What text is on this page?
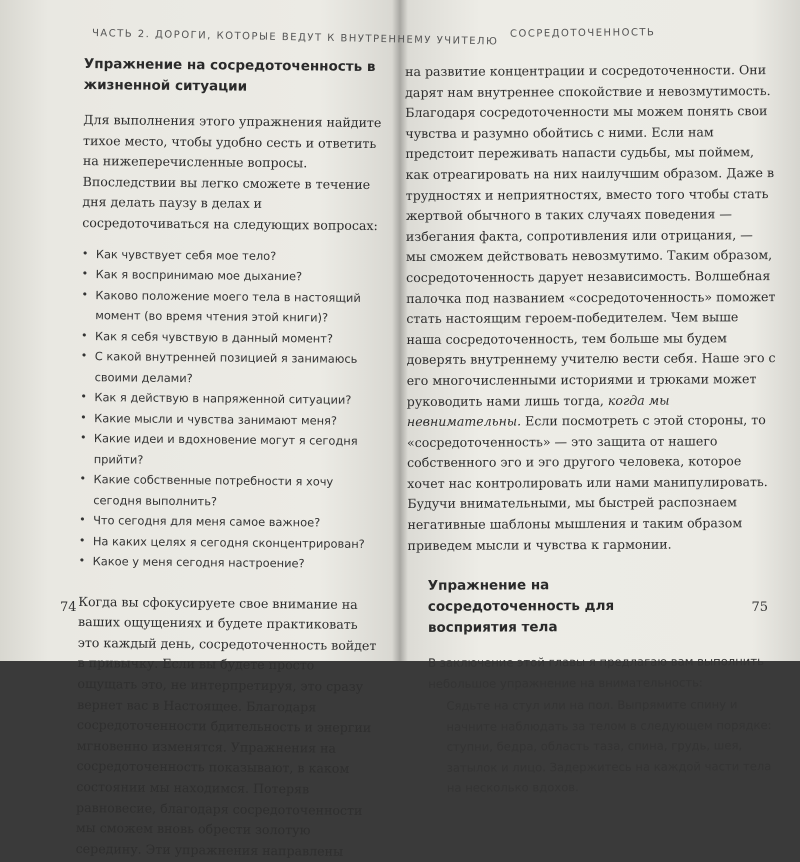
ЧАСТЬ 2. ДОРОГИ, КОТОРЫЕ ВЕДУТ К ВНУТРЕННЕМУ УЧИТЕЛЮ
Упражнение на сосредоточенность в жизненной ситуации

Для выполнения этого упражнения найдите тихое место, чтобы удобно сесть и ответить на нижеперечисленные вопросы. Впоследствии вы легко сможете в течение дня делать паузу в делах и сосредоточиваться на следующих вопросах:

• Как чувствует себя мое тело?
• Как я воспринимаю мое дыхание?
• Каково положение моего тела в настоящий момент (во время чтения этой книги)?
• Как я себя чувствую в данный момент?
• С какой внутренней позицией я занимаюсь своими делами?
• Как я действую в напряженной ситуации?
• Какие мысли и чувства занимают меня?
• Какие идеи и вдохновение могут я сегодня прийти?
• Какие собственные потребности я хочу сегодня выполнить?
• Что сегодня для меня самое важное?
• На каких целях я сегодня сконцентрирован?
• Какое у меня сегодня настроение?

Когда вы сфокусируете свое внимание на ваших ощущениях и будете практиковать это каждый день, сосредоточенность войдет в привычку. Если вы будете просто ощущать это, не интерпретируя, это сразу вернет вас в Настоящее. Благодаря сосредоточенности бдительность и энергии мгновенно изменятся. Упражнения на сосредоточенность показывают, в каком состоянии мы находимся. Потеряв равновесие, благодаря сосредоточенности мы сможем вновь обрести золотую середину. Эти упражнения направлены

74
СОСРЕДОТОЧЕННОСТЬ

на развитие концентрации и сосредоточенности. Они дарят нам внутреннее спокойствие и невозмутимость. Благодаря сосредоточенности мы можем понять свои чувства и разумно обойтись с ними. Если нам предстоит переживать напасти судьбы, мы поймем, как отреагировать на них наилучшим образом. Даже в трудностях и неприятностях, вместо того чтобы стать жертвой обычного в таких случаях поведения — избегания факта, сопротивления или отрицания, — мы сможем действовать невозмутимо. Таким образом, сосредоточенность дарует независимость. Волшебная палочка под названием «сосредоточенность» поможет стать настоящим героем-победителем. Чем выше наша сосредоточенность, тем больше мы будем доверять внутреннему учителю вести себя. Наше эго с его многочисленными историями и трюками может руководить нами лишь тогда, когда мы невнимательны. Если посмотреть с этой стороны, то «сосредоточенность» — это защита от нашего собственного эго и эго другого человека, которое хочет нас контролировать или нами манипулировать. Будучи внимательными, мы быстрей распознаем негативные шаблоны мышления и таким образом приведем мысли и чувства к гармонии.

Упражнение на сосредоточенность для восприятия тела

В заключение этой главы я предлагаю вам выполнить небольшое упражнение на внимательность:

Сядьте на стул или на пол. Выпрямите спину и начните наблюдать за телом в следующем порядке: ступни, бедра, область таза, спина, грудь, шея, затылок и лицо. Задержитесь на каждой части тела на несколько вдохов.

75
